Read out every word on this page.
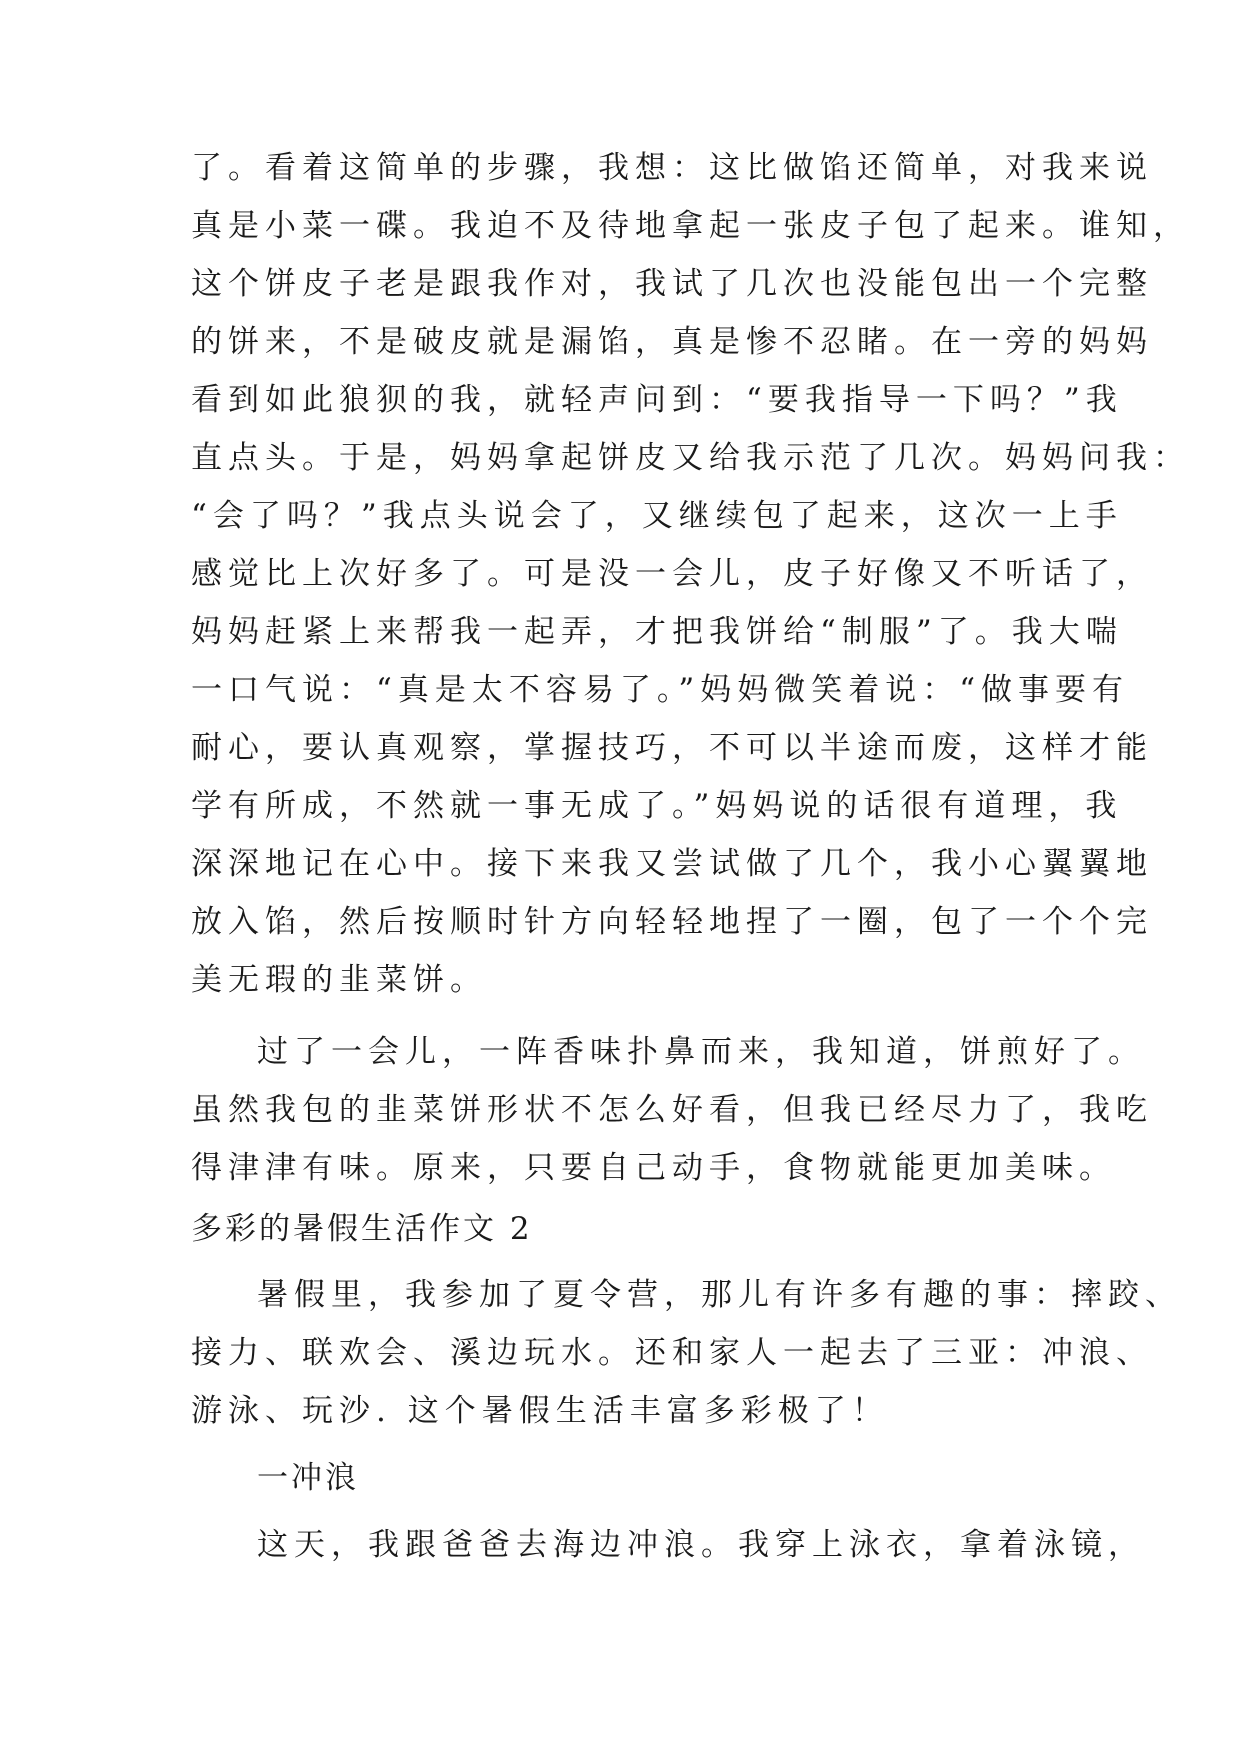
了。看着这简单的步骤，我想：这比做馅还简单，对我来说
真是小菜一碟。我迫不及待地拿起一张皮子包了起来。谁知，
这个饼皮子老是跟我作对，我试了几次也没能包出一个完整
的饼来，不是破皮就是漏馅，真是惨不忍睹。在一旁的妈妈
看到如此狼狈的我，就轻声问到：“要我指导一下吗？”我
直点头。于是，妈妈拿起饼皮又给我示范了几次。妈妈问我：
“会了吗？”我点头说会了，又继续包了起来，这次一上手
感觉比上次好多了。可是没一会儿，皮子好像又不听话了，
妈妈赶紧上来帮我一起弄，才把我饼给“制服”了。我大喘
一口气说：“真是太不容易了。”妈妈微笑着说：“做事要有
耐心，要认真观察，掌握技巧，不可以半途而废，这样才能
学有所成，不然就一事无成了。”妈妈说的话很有道理，我
深深地记在心中。接下来我又尝试做了几个，我小心翼翼地
放入馅，然后按顺时针方向轻轻地捏了一圈，包了一个个完
美无瑕的韭菜饼。
过了一会儿，一阵香味扑鼻而来，我知道，饼煎好了。
虽然我包的韭菜饼形状不怎么好看，但我已经尽力了，我吃
得津津有味。原来，只要自己动手，食物就能更加美味。
多彩的暑假生活作文 2
暑假里，我参加了夏令营，那儿有许多有趣的事：摔跤、
接力、联欢会、溪边玩水。还和家人一起去了三亚：冲浪、
游泳、玩沙. 这个暑假生活丰富多彩极了！
一冲浪
这天，我跟爸爸去海边冲浪。我穿上泳衣，拿着泳镜，
